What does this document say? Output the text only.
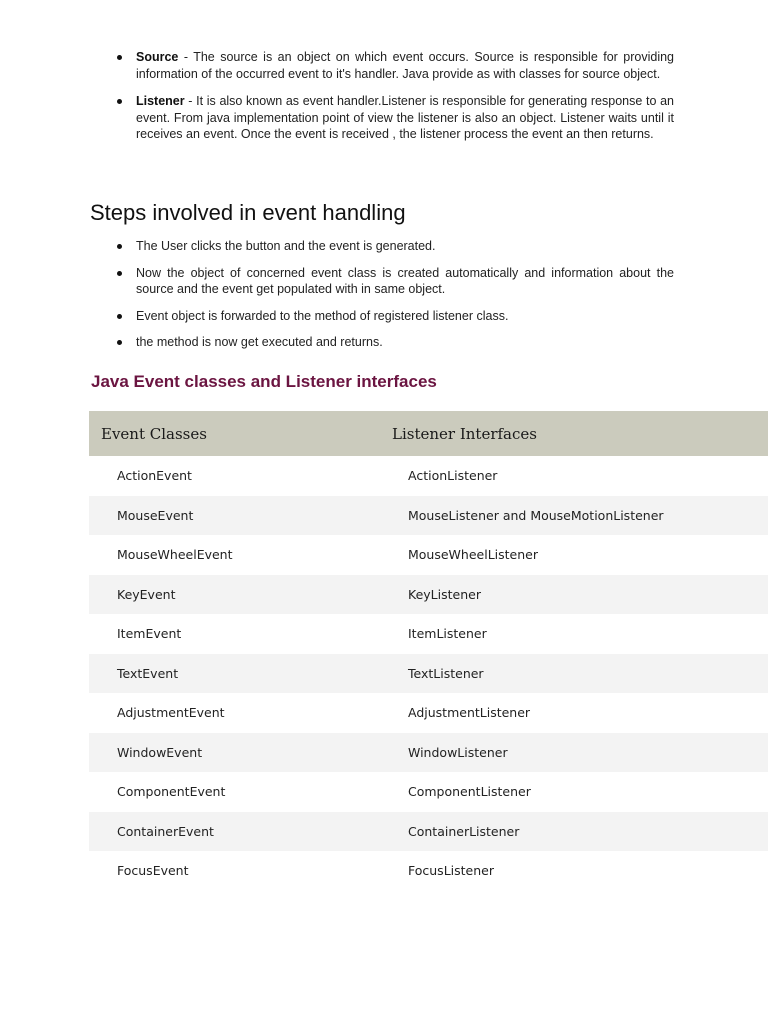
Source - The source is an object on which event occurs. Source is responsible for providing information of the occurred event to it's handler. Java provide as with classes for source object.
Listener - It is also known as event handler.Listener is responsible for generating response to an event. From java implementation point of view the listener is also an object. Listener waits until it receives an event. Once the event is received , the listener process the event an then returns.
Steps involved in event handling
The User clicks the button and the event is generated.
Now the object of concerned event class is created automatically and information about the source and the event get populated with in same object.
Event object is forwarded to the method of registered listener class.
the method is now get executed and returns.
Java Event classes and Listener interfaces
Event Classes	Listener Interfaces
ActionEvent	ActionListener
MouseEvent	MouseListener and MouseMotionListener
MouseWheelEvent	MouseWheelListener
KeyEvent	KeyListener
ItemEvent	ItemListener
TextEvent	TextListener
AdjustmentEvent	AdjustmentListener
WindowEvent	WindowListener
ComponentEvent	ComponentListener
ContainerEvent	ContainerListener
FocusEvent	FocusListener
